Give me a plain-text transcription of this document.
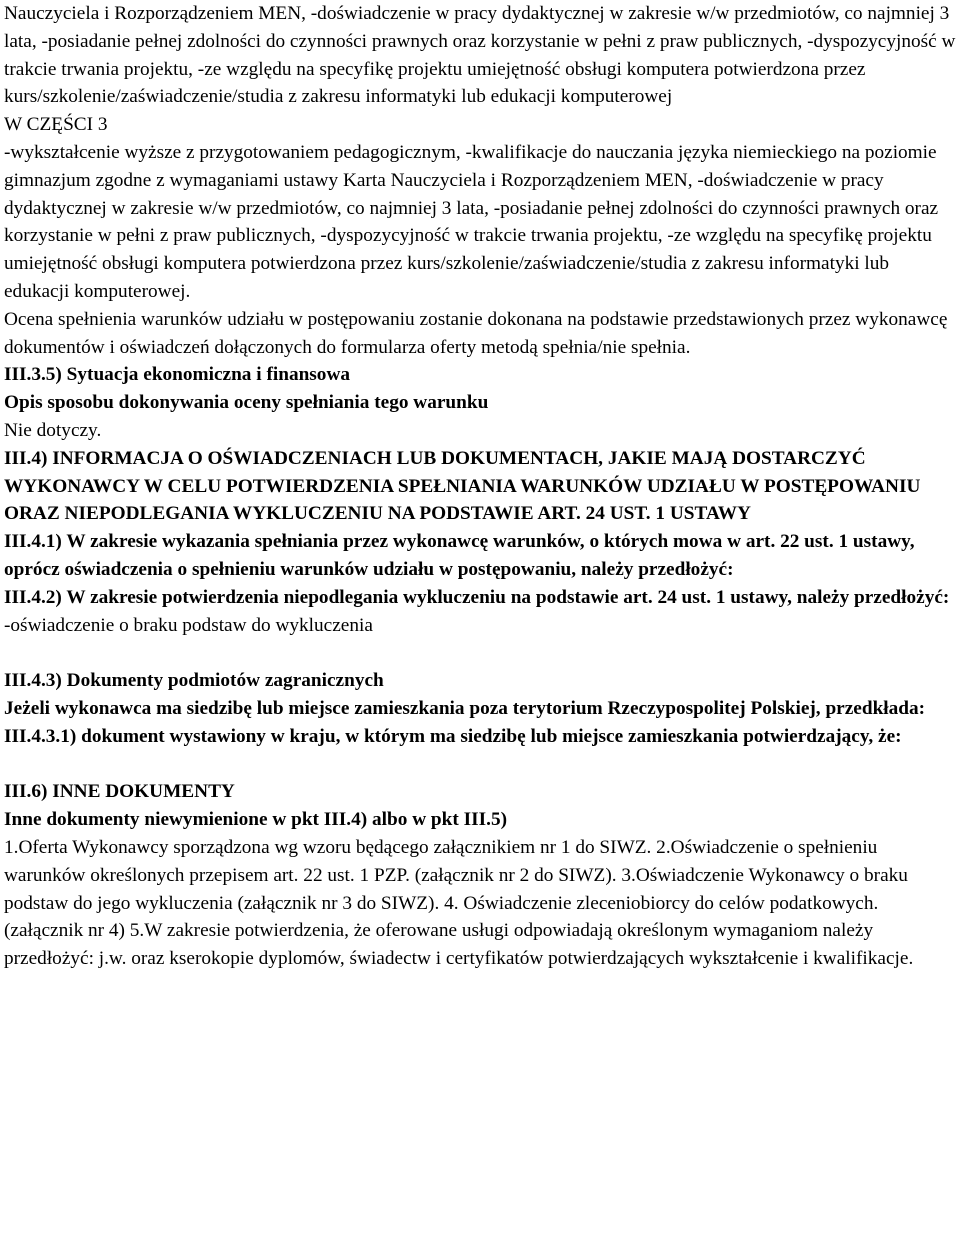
Nauczyciela i Rozporządzeniem MEN, -doświadczenie w pracy dydaktycznej w zakresie w/w przedmiotów, co najmniej 3 lata, -posiadanie pełnej zdolności do czynności prawnych oraz korzystanie w pełni z praw publicznych, -dyspozycyjność w trakcie trwania projektu, -ze względu na specyfikę projektu umiejętność obsługi komputera potwierdzona przez kurs/szkolenie/zaświadczenie/studia z zakresu informatyki lub edukacji komputerowej

W CZĘŚCI 3

-wykształcenie wyższe z przygotowaniem pedagogicznym, -kwalifikacje do nauczania języka niemieckiego na poziomie gimnazjum zgodne z wymaganiami ustawy Karta Nauczyciela i Rozporządzeniem MEN, -doświadczenie w pracy dydaktycznej w zakresie w/w przedmiotów, co najmniej 3 lata, -posiadanie pełnej zdolności do czynności prawnych oraz korzystanie w pełni z praw publicznych, -dyspozycyjność w trakcie trwania projektu, -ze względu na specyfikę projektu umiejętność obsługi komputera potwierdzona przez kurs/szkolenie/zaświadczenie/studia z zakresu informatyki lub edukacji komputerowej.

Ocena spełnienia warunków udziału w postępowaniu zostanie dokonana na podstawie przedstawionych przez wykonawcę dokumentów i oświadczeń dołączonych do formularza oferty metodą spełnia/nie spełnia.

III.3.5) Sytuacja ekonomiczna i finansowa

Opis sposobu dokonywania oceny spełniania tego warunku

Nie dotyczy.

III.4) INFORMACJA O OŚWIADCZENIACH LUB DOKUMENTACH, JAKIE MAJĄ DOSTARCZYĆ WYKONAWCY W CELU POTWIERDZENIA SPEŁNIANIA WARUNKÓW UDZIAŁU W POSTĘPOWANIU ORAZ NIEPODLEGANIA WYKLUCZENIU NA PODSTAWIE ART. 24 UST. 1 USTAWY

III.4.1) W zakresie wykazania spełniania przez wykonawcę warunków, o których mowa w art. 22 ust. 1 ustawy, oprócz oświadczenia o spełnieniu warunków udziału w postępowaniu, należy przedłożyć:

III.4.2) W zakresie potwierdzenia niepodlegania wykluczeniu na podstawie art. 24 ust. 1 ustawy, należy przedłożyć:

-oświadczenie o braku podstaw do wykluczenia

III.4.3) Dokumenty podmiotów zagranicznych

Jeżeli wykonawca ma siedzibę lub miejsce zamieszkania poza terytorium Rzeczypospolitej Polskiej, przedkłada:

III.4.3.1) dokument wystawiony w kraju, w którym ma siedzibę lub miejsce zamieszkania potwierdzający, że:

III.6) INNE DOKUMENTY

Inne dokumenty niewymienione w pkt III.4) albo w pkt III.5)

1.Oferta Wykonawcy sporządzona wg wzoru będącego załącznikiem nr 1 do SIWZ. 2.Oświadczenie o spełnieniu warunków określonych przepisem art. 22 ust. 1 PZP. (załącznik nr 2 do SIWZ). 3.Oświadczenie Wykonawcy o braku podstaw do jego wykluczenia (załącznik nr 3 do SIWZ). 4. Oświadczenie zleceniobiorcy do celów podatkowych. (załącznik nr 4) 5.W zakresie potwierdzenia, że oferowane usługi odpowiadają określonym wymaganiom należy przedłożyć: j.w. oraz kserokopie dyplomów, świadectw i certyfikatów potwierdzających wykształcenie i kwalifikacje.
